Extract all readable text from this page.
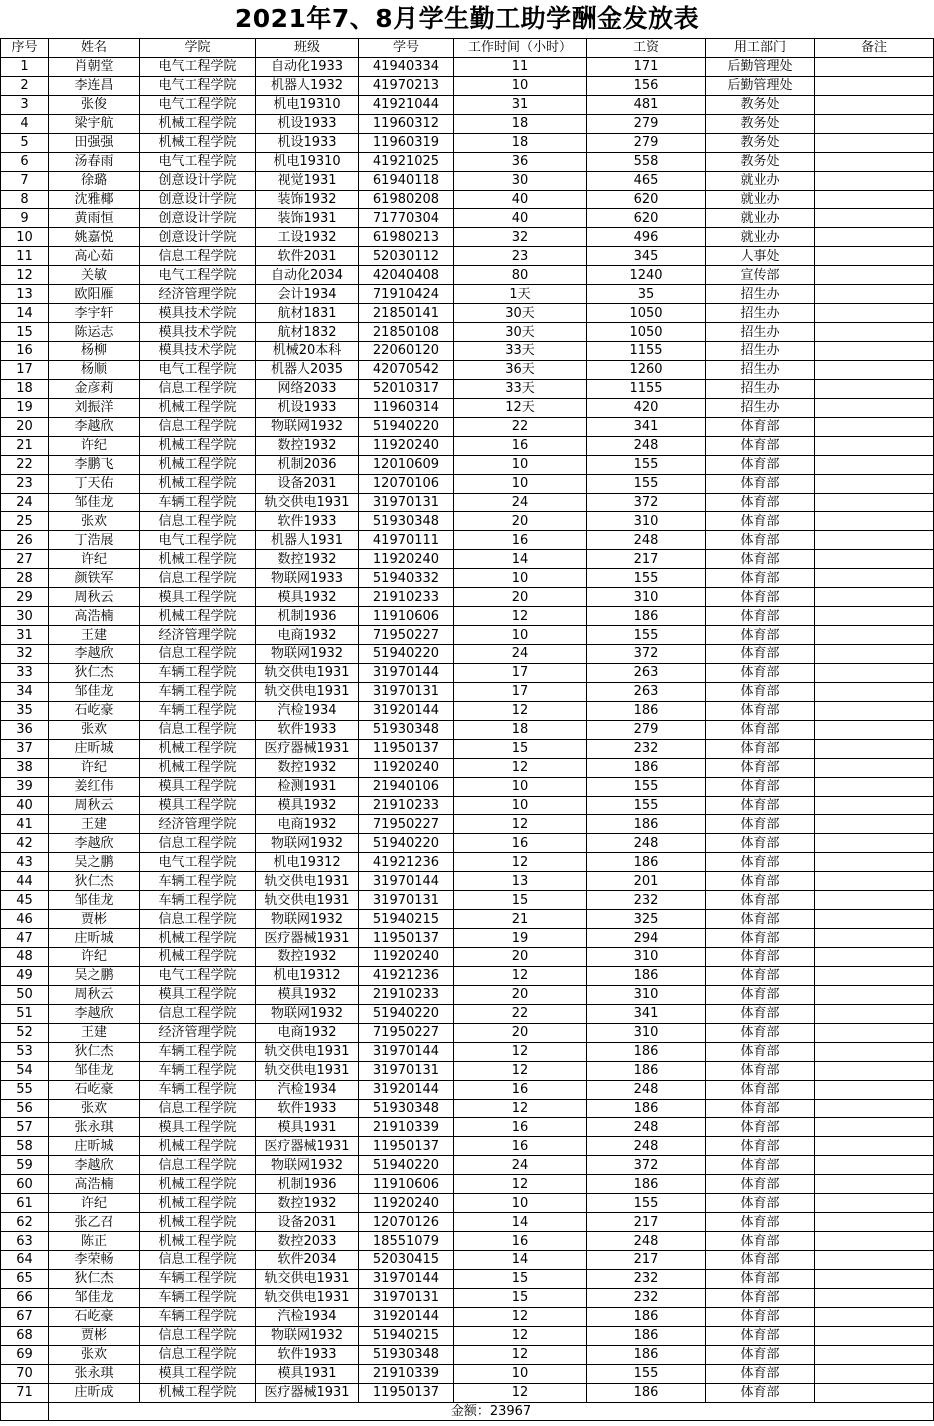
2021年7、8月学生勤工助学酬金发放表
序号	姓名	学院	班级	学号	工作时间（小时）	工资	用工部门	备注
1	肖朝堂	电气工程学院	自动化1933	41940334	11	171	后勤管理处	
2	李连昌	电气工程学院	机器人1932	41970213	10	156	后勤管理处	
3	张俊	电气工程学院	机电19310	41921044	31	481	教务处	
4	梁宇航	机械工程学院	机设1933	11960312	18	279	教务处	
5	田强强	机械工程学院	机设1933	11960319	18	279	教务处	
6	汤春雨	电气工程学院	机电19310	41921025	36	558	教务处	
7	徐璐	创意设计学院	视觉1931	61940118	30	465	就业办	
8	沈雅椰	创意设计学院	装饰1932	61980208	40	620	就业办	
9	黄雨恒	创意设计学院	装饰1931	71770304	40	620	就业办	
10	姚嘉悦	创意设计学院	工设1932	61980213	32	496	就业办	
11	高心茹	信息工程学院	软件2031	52030112	23	345	人事处	
12	关敏	电气工程学院	自动化2034	42040408	80	1240	宣传部	
13	欧阳雁	经济管理学院	会计1934	71910424	1天	35	招生办	
14	李宇轩	模具技术学院	航材1831	21850141	30天	1050	招生办	
15	陈运志	模具技术学院	航材1832	21850108	30天	1050	招生办	
16	杨柳	模具技术学院	机械20本科	22060120	33天	1155	招生办	
17	杨顺	电气工程学院	机器人2035	42070542	36天	1260	招生办	
18	金彦莉	信息工程学院	网络2033	52010317	33天	1155	招生办	
19	刘振洋	机械工程学院	机设1933	11960314	12天	420	招生办	
20	李越欣	信息工程学院	物联网1932	51940220	22	341	体育部	
21	许纪	机械工程学院	数控1932	11920240	16	248	体育部	
22	李鹏飞	机械工程学院	机制2036	12010609	10	155	体育部	
23	丁天佑	机械工程学院	设备2031	12070106	10	155	体育部	
24	邹佳龙	车辆工程学院	轨交供电1931	31970131	24	372	体育部	
25	张欢	信息工程学院	软件1933	51930348	20	310	体育部	
26	丁浩展	电气工程学院	机器人1931	41970111	16	248	体育部	
27	许纪	机械工程学院	数控1932	11920240	14	217	体育部	
28	颜铁军	信息工程学院	物联网1933	51940332	10	155	体育部	
29	周秋云	模具工程学院	模具1932	21910233	20	310	体育部	
30	高浩楠	机械工程学院	机制1936	11910606	12	186	体育部	
31	王建	经济管理学院	电商1932	71950227	10	155	体育部	
32	李越欣	信息工程学院	物联网1932	51940220	24	372	体育部	
33	狄仁杰	车辆工程学院	轨交供电1931	31970144	17	263	体育部	
34	邹佳龙	车辆工程学院	轨交供电1931	31970131	17	263	体育部	
35	石屹豪	车辆工程学院	汽检1934	31920144	12	186	体育部	
36	张欢	信息工程学院	软件1933	51930348	18	279	体育部	
37	庄昕城	机械工程学院	医疗器械1931	11950137	15	232	体育部	
38	许纪	机械工程学院	数控1932	11920240	12	186	体育部	
39	姜红伟	模具工程学院	检测1931	21940106	10	155	体育部	
40	周秋云	模具工程学院	模具1932	21910233	10	155	体育部	
41	王建	经济管理学院	电商1932	71950227	12	186	体育部	
42	李越欣	信息工程学院	物联网1932	51940220	16	248	体育部	
43	吴之鹏	电气工程学院	机电19312	41921236	12	186	体育部	
44	狄仁杰	车辆工程学院	轨交供电1931	31970144	13	201	体育部	
45	邹佳龙	车辆工程学院	轨交供电1931	31970131	15	232	体育部	
46	贾彬	信息工程学院	物联网1932	51940215	21	325	体育部	
47	庄昕城	机械工程学院	医疗器械1931	11950137	19	294	体育部	
48	许纪	机械工程学院	数控1932	11920240	20	310	体育部	
49	吴之鹏	电气工程学院	机电19312	41921236	12	186	体育部	
50	周秋云	模具工程学院	模具1932	21910233	20	310	体育部	
51	李越欣	信息工程学院	物联网1932	51940220	22	341	体育部	
52	王建	经济管理学院	电商1932	71950227	20	310	体育部	
53	狄仁杰	车辆工程学院	轨交供电1931	31970144	12	186	体育部	
54	邹佳龙	车辆工程学院	轨交供电1931	31970131	12	186	体育部	
55	石屹豪	车辆工程学院	汽检1934	31920144	16	248	体育部	
56	张欢	信息工程学院	软件1933	51930348	12	186	体育部	
57	张永琪	模具工程学院	模具1931	21910339	16	248	体育部	
58	庄昕城	机械工程学院	医疗器械1931	11950137	16	248	体育部	
59	李越欣	信息工程学院	物联网1932	51940220	24	372	体育部	
60	高浩楠	机械工程学院	机制1936	11910606	12	186	体育部	
61	许纪	机械工程学院	数控1932	11920240	10	155	体育部	
62	张乙召	机械工程学院	设备2031	12070126	14	217	体育部	
63	陈正	机械工程学院	数控2033	18551079	16	248	体育部	
64	李荣畅	信息工程学院	软件2034	52030415	14	217	体育部	
65	狄仁杰	车辆工程学院	轨交供电1931	31970144	15	232	体育部	
66	邹佳龙	车辆工程学院	轨交供电1931	31970131	15	232	体育部	
67	石屹豪	车辆工程学院	汽检1934	31920144	12	186	体育部	
68	贾彬	信息工程学院	物联网1932	51940215	12	186	体育部	
69	张欢	信息工程学院	软件1933	51930348	12	186	体育部	
70	张永琪	模具工程学院	模具1931	21910339	10	155	体育部	
71	庄昕成	机械工程学院	医疗器械1931	11950137	12	186	体育部	
	金额：23967							
